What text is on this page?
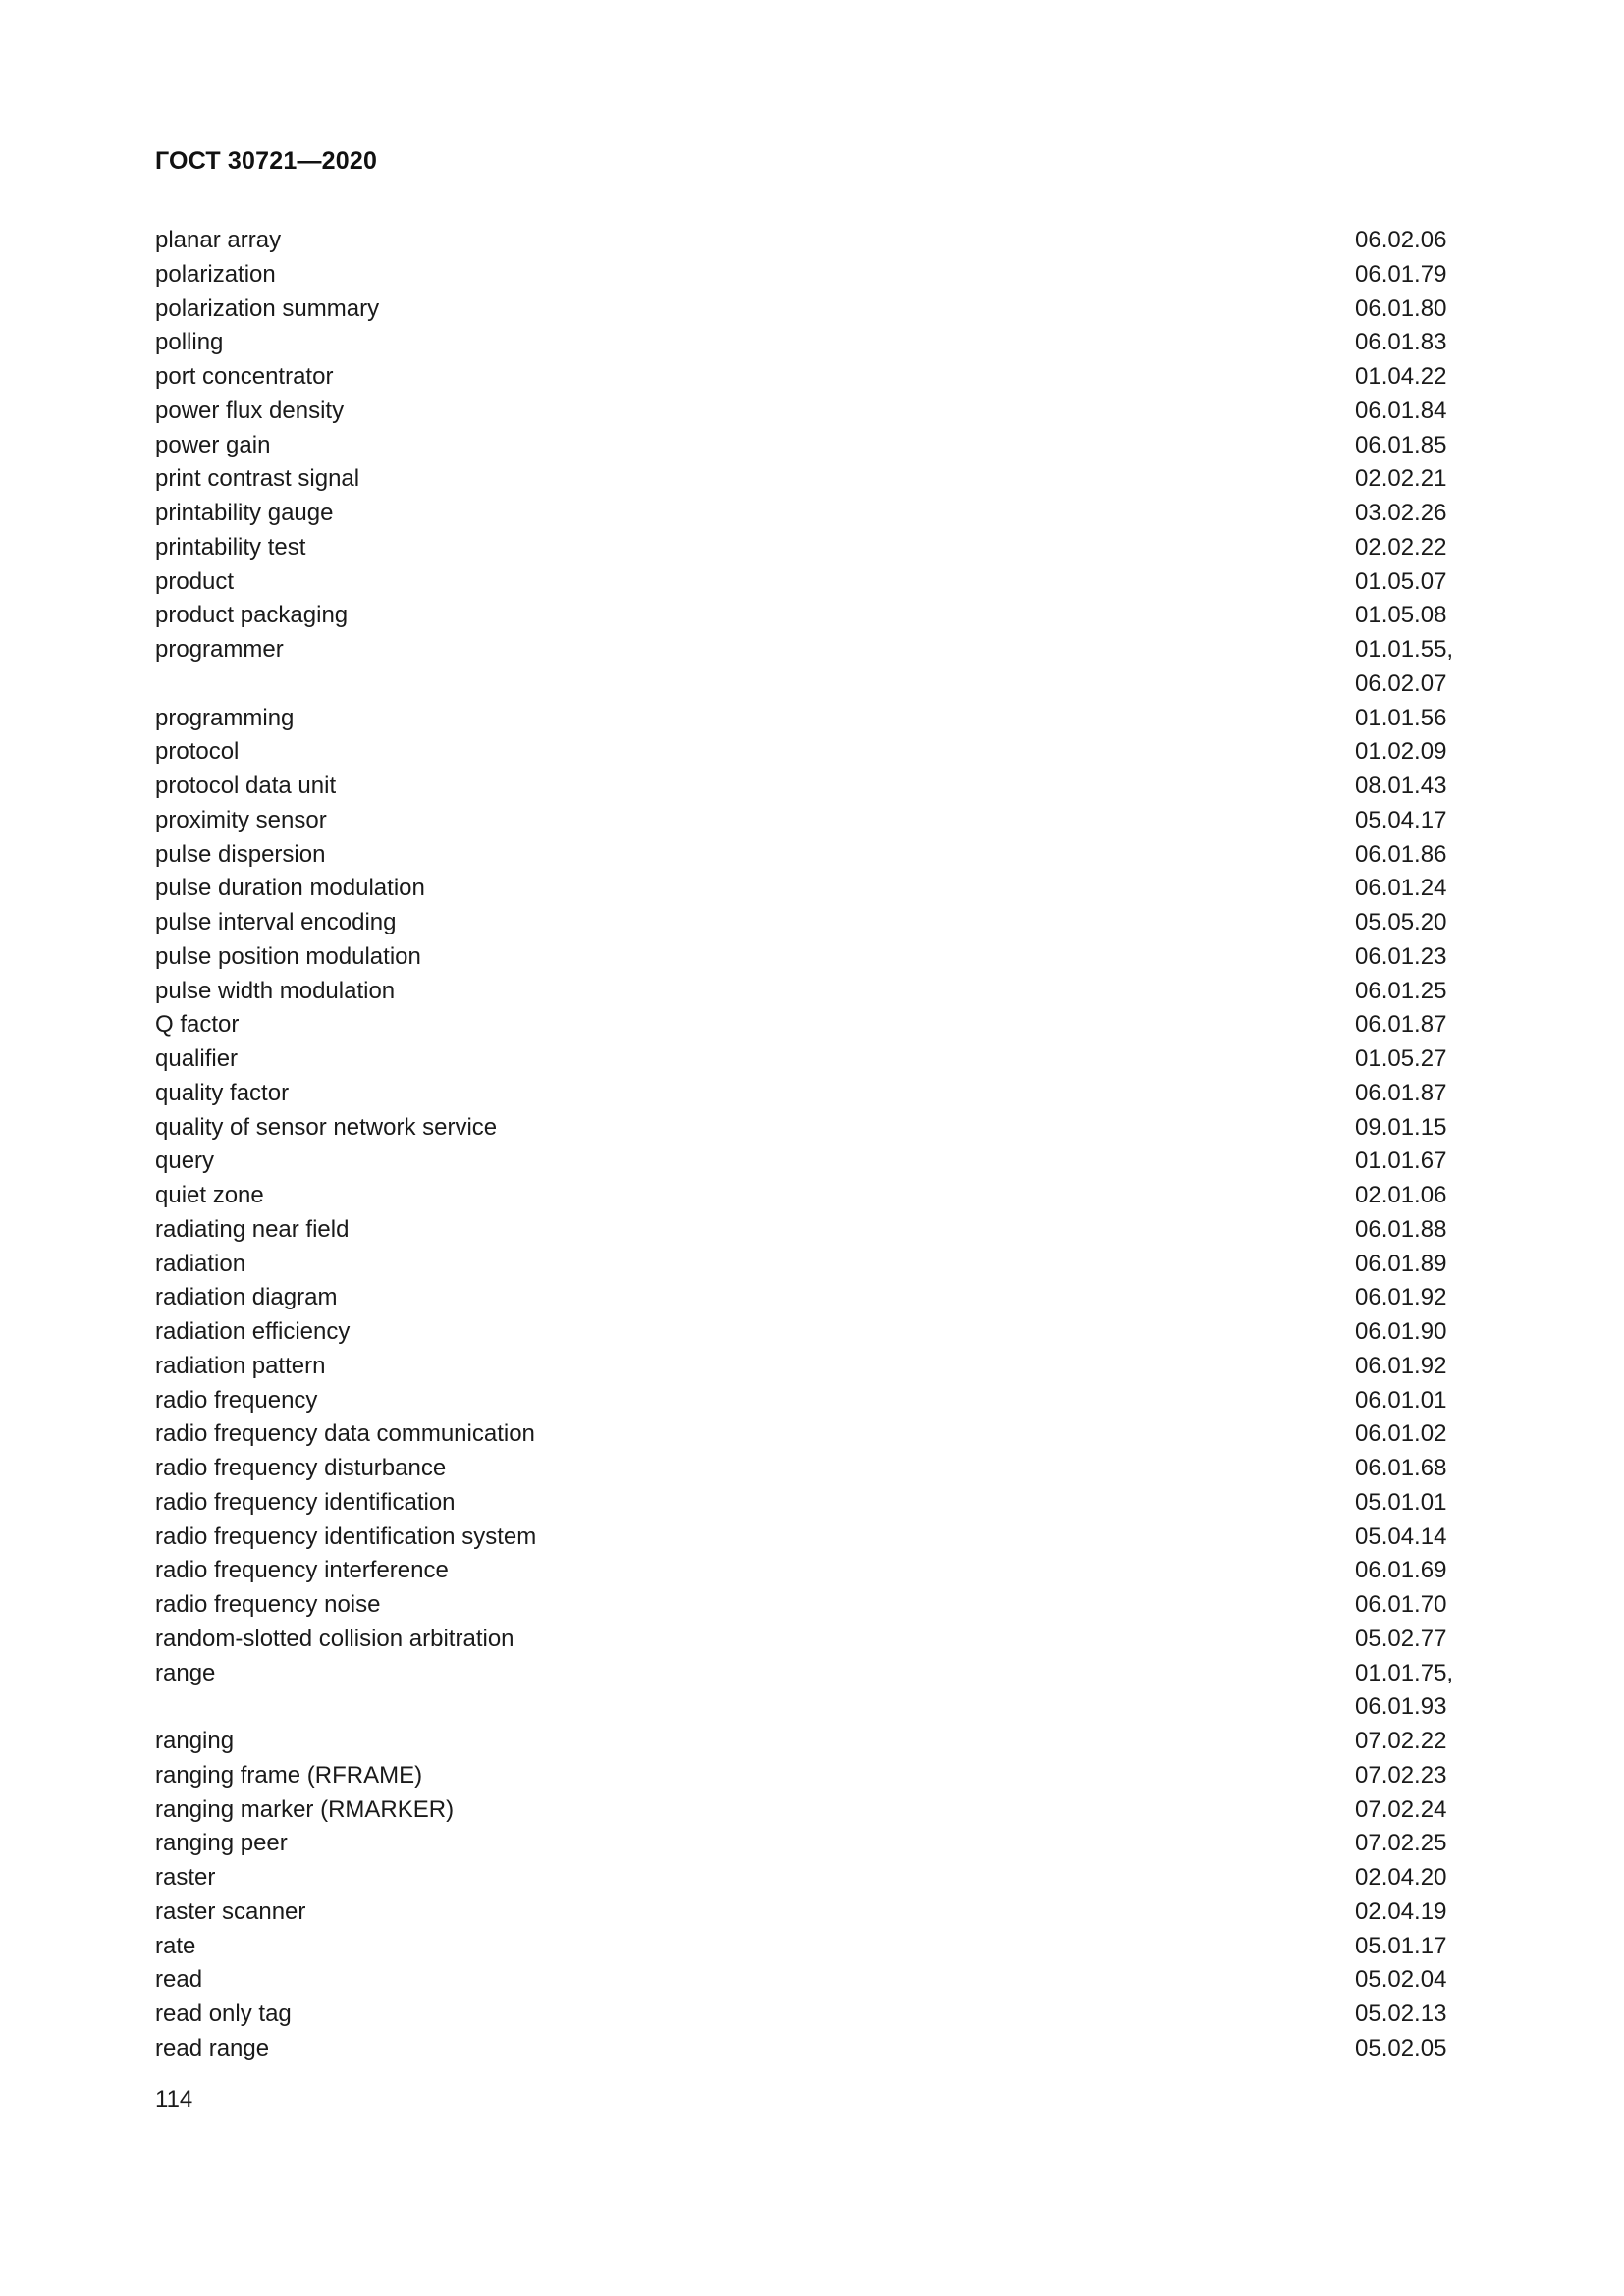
ГОСТ 30721—2020
planar array	06.02.06
polarization	06.01.79
polarization summary	06.01.80
polling	06.01.83
port concentrator	01.04.22
power flux density	06.01.84
power gain	06.01.85
print contrast signal	02.02.21
printability gauge	03.02.26
printability test	02.02.22
product	01.05.07
product packaging	01.05.08
programmer	01.01.55,
06.02.07
programming	01.01.56
protocol	01.02.09
protocol data unit	08.01.43
proximity sensor	05.04.17
pulse dispersion	06.01.86
pulse duration modulation	06.01.24
pulse interval encoding	05.05.20
pulse position modulation	06.01.23
pulse width modulation	06.01.25
Q factor	06.01.87
qualifier	01.05.27
quality factor	06.01.87
quality of sensor network service	09.01.15
query	01.01.67
quiet zone	02.01.06
radiating near field	06.01.88
radiation	06.01.89
radiation diagram	06.01.92
radiation efficiency	06.01.90
radiation pattern	06.01.92
radio frequency	06.01.01
radio frequency data communication	06.01.02
radio frequency disturbance	06.01.68
radio frequency identification	05.01.01
radio frequency identification system	05.04.14
radio frequency interference	06.01.69
radio frequency noise	06.01.70
random-slotted collision arbitration	05.02.77
range	01.01.75,
06.01.93
ranging	07.02.22
ranging frame (RFRAME)	07.02.23
ranging marker (RMARKER)	07.02.24
ranging peer	07.02.25
raster	02.04.20
raster scanner	02.04.19
rate	05.01.17
read	05.02.04
read only tag	05.02.13
read range	05.02.05
114
